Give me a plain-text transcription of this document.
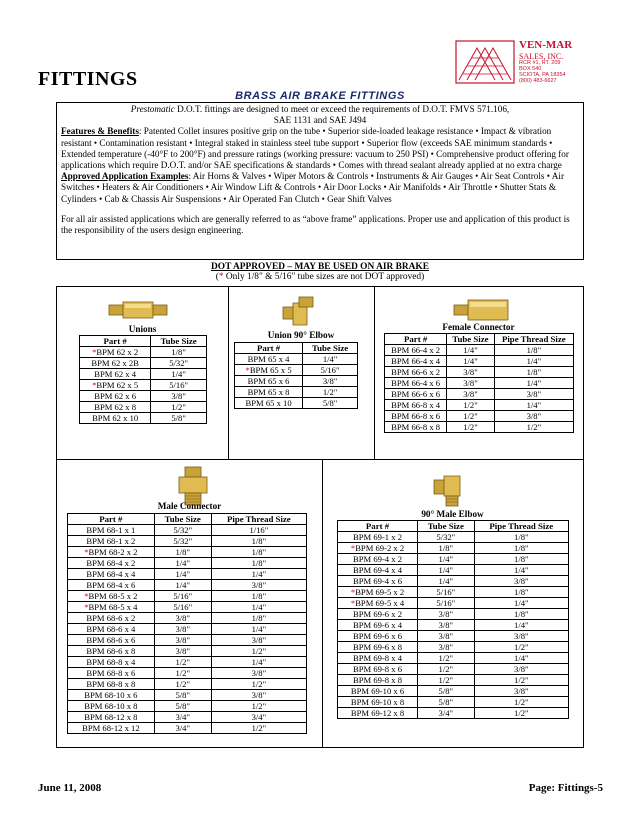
FITTINGS
VEN-MAR
SALES, INC.
RCR #1, RT. 209
BOX 540
SCIOTA, PA 18354
(800) 483-6627
BRASS AIR BRAKE FITTINGS

Prestomatic D.O.T. fittings are designed to meet or exceed the requirements of D.O.T. FMVS 571.106,

SAE 1131 and SAE J494

Features & Benefits: Patented Collet insures positive grip on the tube • Superior side-loaded leakage resistance • Impact & vibration resistant • Contamination resistant • Integral staked in stainless steel tube support • Superior flow (exceeds SAE minimum standards • Extended temperature (-40°F to 200°F) and pressure ratings (working pressure: vacuum to 250 PSI) • Comprehensive product offering for applications which require D.O.T. and/or SAE specifications & standards • Comes with thread sealant already applied at no extra charge

Approved Application Examples: Air Horns & Valves • Wiper Motors & Controls • Instruments & Air Gauges • Air Seat Controls • Air Switches • Heaters & Air Conditioners • Air Window Lift & Controls • Air Door Locks • Air Manifolds • Air Throttle • Shutter Stats & Cylinders • Cab & Chassis Air Suspensions • Air Operated Fan Clutch • Gear Shift Valves

For all air assisted applications which are generally referred to as “above frame” applications. Proper use and application of this product is the responsibility of the users design engineering.

DOT APPROVED – MAY BE USED ON AIR BRAKE
(* Only 1/8" & 5/16" tube sizes are not DOT approved)
Unions
Part #	Tube Size
*BPM 62 x 2	1/8"
BPM 62 x 2B	5/32"
BPM 62 x 4	1/4"
*BPM 62 x 5	5/16"
BPM 62 x 6	3/8"
BPM 62 x 8	1/2"
BPM 62 x 10	5/8"
Union 90° Elbow
Part #	Tube Size
BPM 65 x 4	1/4"
*BPM 65 x 5	5/16"
BPM 65 x 6	3/8"
BPM 65 x 8	1/2"
BPM 65 x 10	5/8"
Female Connector
Part #	Tube Size	Pipe Thread Size
BPM 66-4 x 2	1/4"	1/8"
BPM 66-4 x 4	1/4"	1/4"
BPM 66-6 x 2	3/8"	1/8"
BPM 66-4 x 6	3/8"	1/4"
BPM 66-6 x 6	3/8"	3/8"
BPM 66-8 x 4	1/2"	1/4"
BPM 66-8 x 6	1/2"	3/8"
BPM 66-8 x 8	1/2"	1/2"
Male Connector
Part #	Tube Size	Pipe Thread Size
BPM 68-1 x 1	5/32"	1/16"
BPM 68-1 x 2	5/32"	1/8"
*BPM 68-2 x 2	1/8"	1/8"
BPM 68-4 x 2	1/4"	1/8"
BPM 68-4 x 4	1/4"	1/4"
BPM 68-4 x 6	1/4"	3/8"
*BPM 68-5 x 2	5/16"	1/8"
*BPM 68-5 x 4	5/16"	1/4"
BPM 68-6 x 2	3/8"	1/8"
BPM 68-6 x 4	3/8"	1/4"
BPM 68-6 x 6	3/8"	3/8"
BPM 68-6 x 8	3/8"	1/2"
BPM 68-8 x 4	1/2"	1/4"
BPM 68-8 x 6	1/2"	3/8"
BPM 68-8 x 8	1/2"	1/2"
BPM 68-10 x 6	5/8"	3/8"
BPM 68-10 x 8	5/8"	1/2"
BPM 68-12 x 8	3/4"	3/4"
BPM 68-12 x 12	3/4"	1/2"
90° Male Elbow
Part #	Tube Size	Pipe Thread Size
BPM 69-1 x 2	5/32"	1/8"
*BPM 69-2 x 2	1/8"	1/8"
BPM 69-4 x 2	1/4"	1/8"
BPM 69-4 x 4	1/4"	1/4"
BPM 69-4 x 6	1/4"	3/8"
*BPM 69-5 x 2	5/16"	1/8"
*BPM 69-5 x 4	5/16"	1/4"
BPM 69-6 x 2	3/8"	1/8"
BPM 69-6 x 4	3/8"	1/4"
BPM 69-6 x 6	3/8"	3/8"
BPM 69-6 x 8	3/8"	1/2"
BPM 69-8 x 4	1/2"	1/4"
BPM 69-8 x 6	1/2"	3/8"
BPM 69-8 x 8	1/2"	1/2"
BPM 69-10 x 6	5/8"	3/8"
BPM 69-10 x 8	5/8"	1/2"
BPM 69-12 x 8	3/4"	1/2"
June 11, 2008	Page: Fittings-5
